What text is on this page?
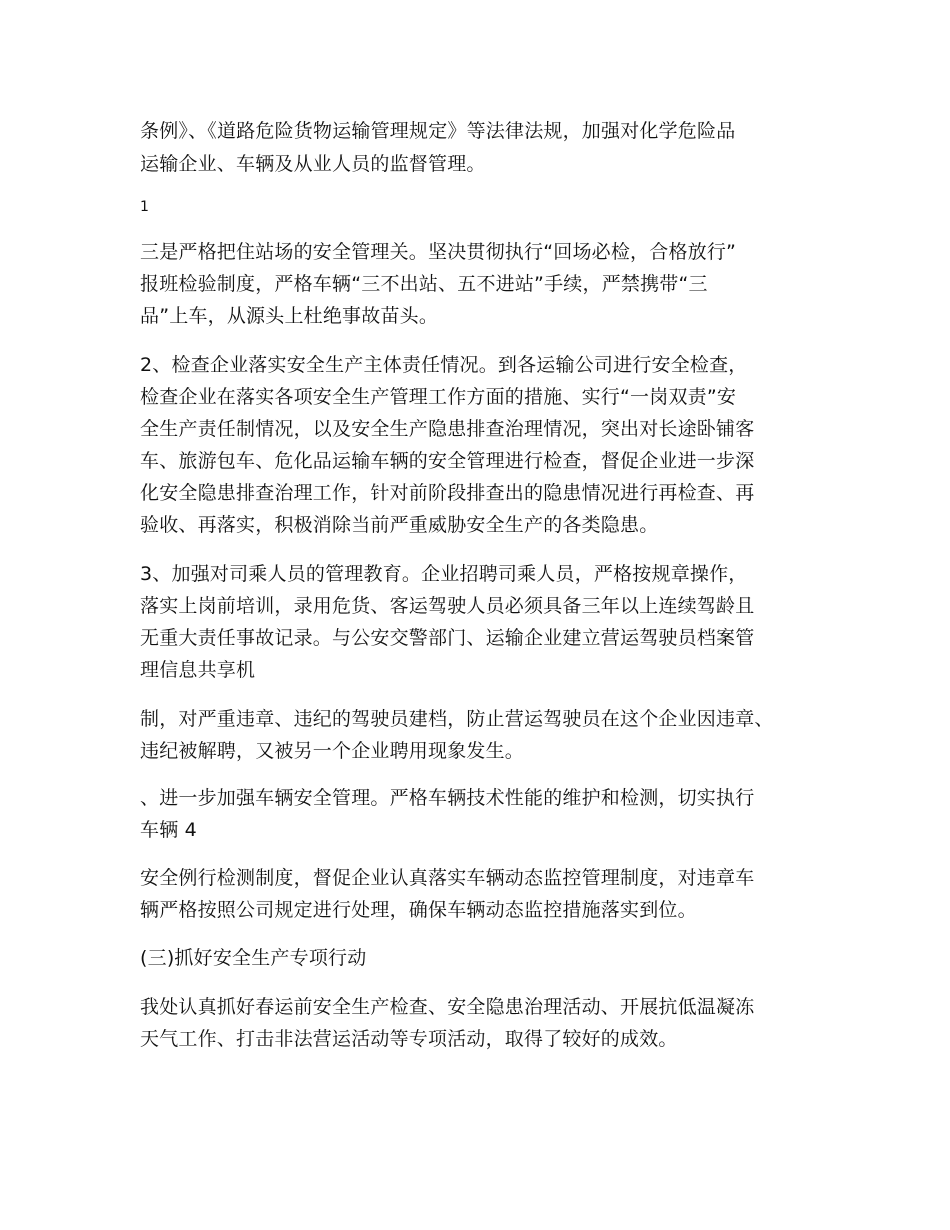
条例》、《道路危险货物运输管理规定》等法律法规，加强对化学危险品
运输企业、车辆及从业人员的监督管理。
1
三是严格把住站场的安全管理关。坚决贯彻执行“回场必检，合格放行”
报班检验制度，严格车辆“三不出站、五不进站”手续，严禁携带“三
品”上车，从源头上杜绝事故苗头。
2、检查企业落实安全生产主体责任情况。到各运输公司进行安全检查，
检查企业在落实各项安全生产管理工作方面的措施、实行“一岗双责”安
全生产责任制情况，以及安全生产隐患排查治理情况，突出对长途卧铺客
车、旅游包车、危化品运输车辆的安全管理进行检查，督促企业进一步深
化安全隐患排查治理工作，针对前阶段排查出的隐患情况进行再检查、再
验收、再落实，积极消除当前严重威胁安全生产的各类隐患。
3、加强对司乘人员的管理教育。企业招聘司乘人员，严格按规章操作，
落实上岗前培训，录用危货、客运驾驶人员必须具备三年以上连续驾龄且
无重大责任事故记录。与公安交警部门、运输企业建立营运驾驶员档案管
理信息共享机
制，对严重违章、违纪的驾驶员建档，防止营运驾驶员在这个企业因违章、
违纪被解聘，又被另一个企业聘用现象发生。
、进一步加强车辆安全管理。严格车辆技术性能的维护和检测，切实执行
车辆 4
安全例行检测制度，督促企业认真落实车辆动态监控管理制度，对违章车
辆严格按照公司规定进行处理，确保车辆动态监控措施落实到位。
(三)抓好安全生产专项行动
我处认真抓好春运前安全生产检查、安全隐患治理活动、开展抗低温凝冻
天气工作、打击非法营运活动等专项活动，取得了较好的成效。
